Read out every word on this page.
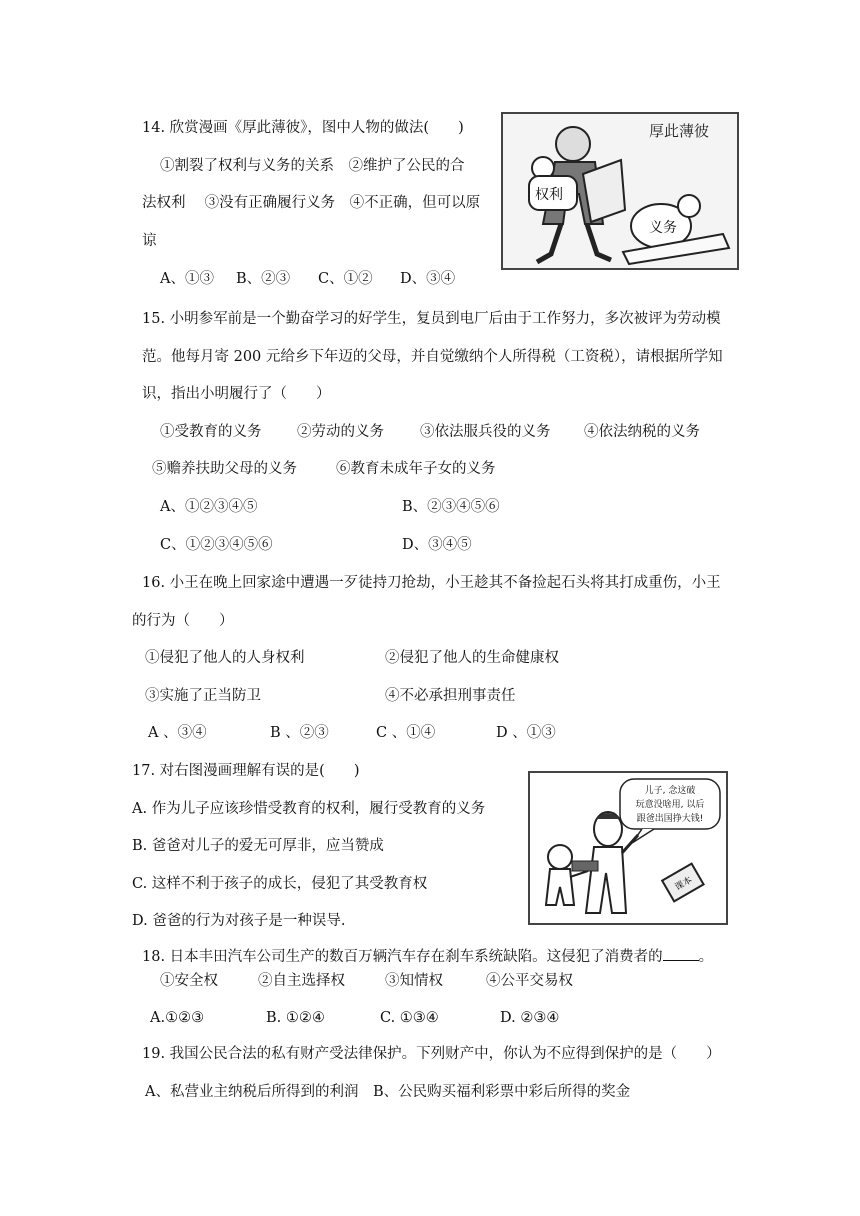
14. 欣赏漫画《厚此薄彼》，图中人物的做法(　　)
①割裂了权利与义务的关系　②维护了公民的合
法权利　 ③没有正确履行义务　④不正确，但可以原
谅
A、①③ B、②③ C、①② D、③④
厚此薄彼
权利
义务
15. 小明参军前是一个勤奋学习的好学生，复员到电厂后由于工作努力，多次被评为劳动模
范。他每月寄 200 元给乡下年迈的父母，并自觉缴纳个人所得税（工资税），请根据所学知
识，指出小明履行了（　　）
①受教育的义务 ②劳动的义务 ③依法服兵役的义务 ④依法纳税的义务
⑤赡养扶助父母的义务	⑥教育未成年子女的义务
A、①②③④⑤	B、②③④⑤⑥
C、①②③④⑤⑥	D、③④⑤
16. 小王在晚上回家途中遭遇一歹徒持刀抢劫，小王趁其不备捡起石头将其打成重伤，小王
的行为（　　）
①侵犯了他人的人身权利	②侵犯了他人的生命健康权
③实施了正当防卫	④不必承担刑事责任
A 、③④	B 、②③	C 、①④	D 、①③
17. 对右图漫画理解有误的是(　　)
A. 作为儿子应该珍惜受教育的权利，履行受教育的义务
B. 爸爸对儿子的爱无可厚非，应当赞成
C. 这样不利于孩子的成长，侵犯了其受教育权
D. 爸爸的行为对孩子是一种误导.
儿子, 念这破
玩意没啥用, 以后
跟爸出国挣大钱!
课本
18. 日本丰田汽车公司生产的数百万辆汽车存在刹车系统缺陷。这侵犯了消费者的 。
①安全权	②自主选择权	③知情权	④公平交易权
A.①②③	B. ①②④	C. ①③④	D. ②③④
19. 我国公民合法的私有财产受法律保护。下列财产中，你认为不应得到保护的是（　　）
A、私营业主纳税后所得到的利润　B、公民购买福利彩票中彩后所得的奖金
